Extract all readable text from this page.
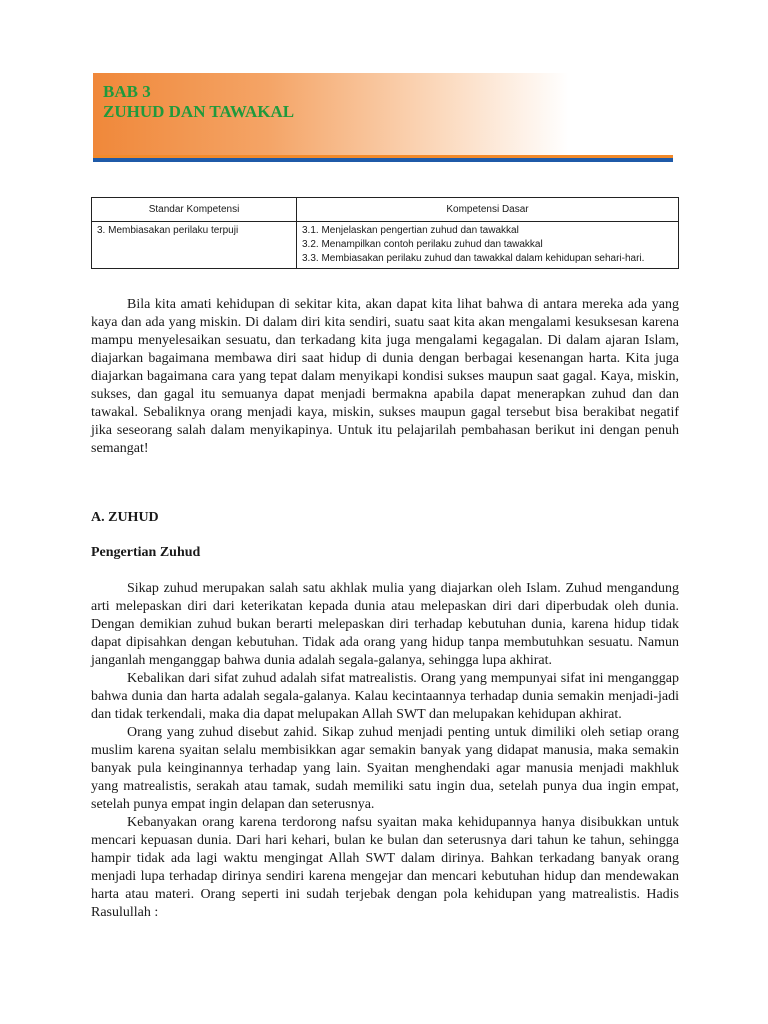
BAB 3
ZUHUD DAN TAWAKAL
Standar Kompetensi	Kompetensi Dasar
3. Membiasakan perilaku terpuji	3.1. Menjelaskan pengertian zuhud dan tawakkal
3.2. Menampilkan contoh perilaku zuhud dan tawakkal
3.3. Membiasakan perilaku zuhud dan tawakkal dalam kehidupan sehari-hari.

Bila kita amati kehidupan di sekitar kita, akan dapat kita lihat bahwa di antara mereka ada yang kaya dan ada yang miskin. Di dalam diri kita sendiri, suatu saat kita akan mengalami kesuksesan karena mampu menyelesaikan sesuatu, dan terkadang kita juga mengalami kegagalan. Di dalam ajaran Islam, diajarkan bagaimana membawa diri saat hidup di dunia dengan berbagai kesenangan harta. Kita juga diajarkan bagaimana cara yang tepat dalam menyikapi kondisi sukses maupun saat gagal. Kaya, miskin, sukses, dan gagal itu semuanya dapat menjadi bermakna apabila dapat menerapkan zuhud dan dan tawakal. Sebaliknya orang menjadi kaya, miskin, sukses maupun gagal tersebut bisa berakibat negatif jika seseorang salah dalam menyikapinya. Untuk itu pelajarilah pembahasan berikut ini dengan penuh semangat!

A. ZUHUD
Pengertian Zuhud

Sikap zuhud merupakan salah satu akhlak mulia yang diajarkan oleh Islam. Zuhud mengandung arti melepaskan diri dari keterikatan kepada dunia atau melepaskan diri dari diperbudak oleh dunia. Dengan demikian zuhud bukan berarti melepaskan diri terhadap kebutuhan dunia, karena hidup tidak dapat dipisahkan dengan kebutuhan. Tidak ada orang yang hidup tanpa membutuhkan sesuatu. Namun janganlah menganggap bahwa dunia adalah segala-galanya, sehingga lupa akhirat.

Kebalikan dari sifat zuhud adalah sifat matrealistis. Orang yang mempunyai sifat ini menganggap bahwa dunia dan harta adalah segala-galanya. Kalau kecintaannya terhadap dunia semakin menjadi-jadi dan tidak terkendali, maka dia dapat melupakan Allah SWT dan melupakan kehidupan akhirat.

Orang yang zuhud disebut zahid. Sikap zuhud menjadi penting untuk dimiliki oleh setiap orang muslim karena syaitan selalu membisikkan agar semakin banyak yang didapat manusia, maka semakin banyak pula keinginannya terhadap yang lain. Syaitan menghendaki agar manusia menjadi makhluk yang matrealistis, serakah atau tamak, sudah memiliki satu ingin dua, setelah punya dua ingin empat, setelah punya empat ingin delapan dan seterusnya.

Kebanyakan orang karena terdorong nafsu syaitan maka kehidupannya hanya disibukkan untuk mencari kepuasan dunia. Dari hari kehari, bulan ke bulan dan seterusnya dari tahun ke tahun, sehingga hampir tidak ada lagi waktu mengingat Allah SWT dalam dirinya. Bahkan terkadang banyak orang menjadi lupa terhadap dirinya sendiri karena mengejar dan mencari kebutuhan hidup dan mendewakan harta atau materi. Orang seperti ini sudah terjebak dengan pola kehidupan yang matrealistis. Hadis Rasulullah :
